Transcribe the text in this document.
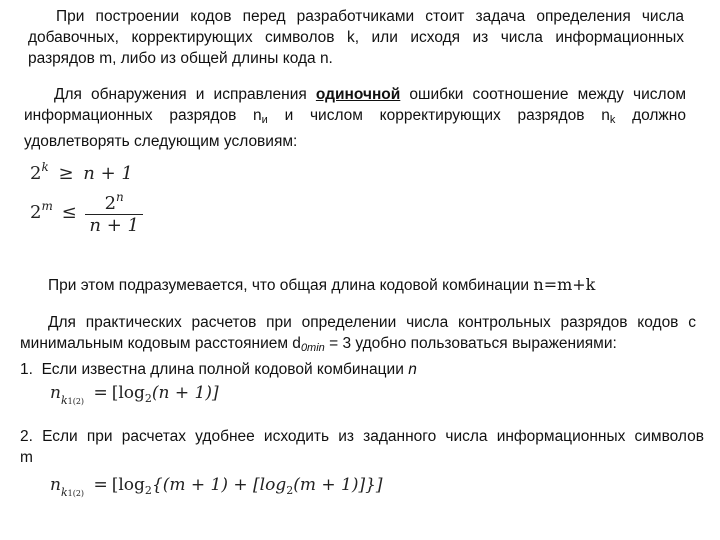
При построении кодов перед разработчиками стоит задача определения числа
добавочных, корректирующих символов k, или исходя из числа информационных
разрядов m, либо из общей длины кода n.
Для обнаружения и исправления одиночной ошибки соотношение между числом
информационных разрядов $n_и$ и числом корректирующих разрядов $n_k$ должно
удовлетворять следующим условиям:
$2^k \ge n + 1$
$2^m \le \frac{2^n}{n + 1}$
При этом подразумевается, что общая длина кодовой комбинации n=m+k
Для практических расчетов при определении числа контрольных разрядов кодов с
минимальным кодовым расстоянием $d_{0min} = 3$ удобно пользоваться выражениями:
1. Если известна длина полной кодовой комбинации n
$n_{k1(2)} = [\log_2(n + 1)]$
2. Если при расчетах удобнее исходить из заданного числа информационных символов
m
$n_{k1(2)} = [\log_2\{(m + 1) + [\log_2(m + 1)]\}]$
